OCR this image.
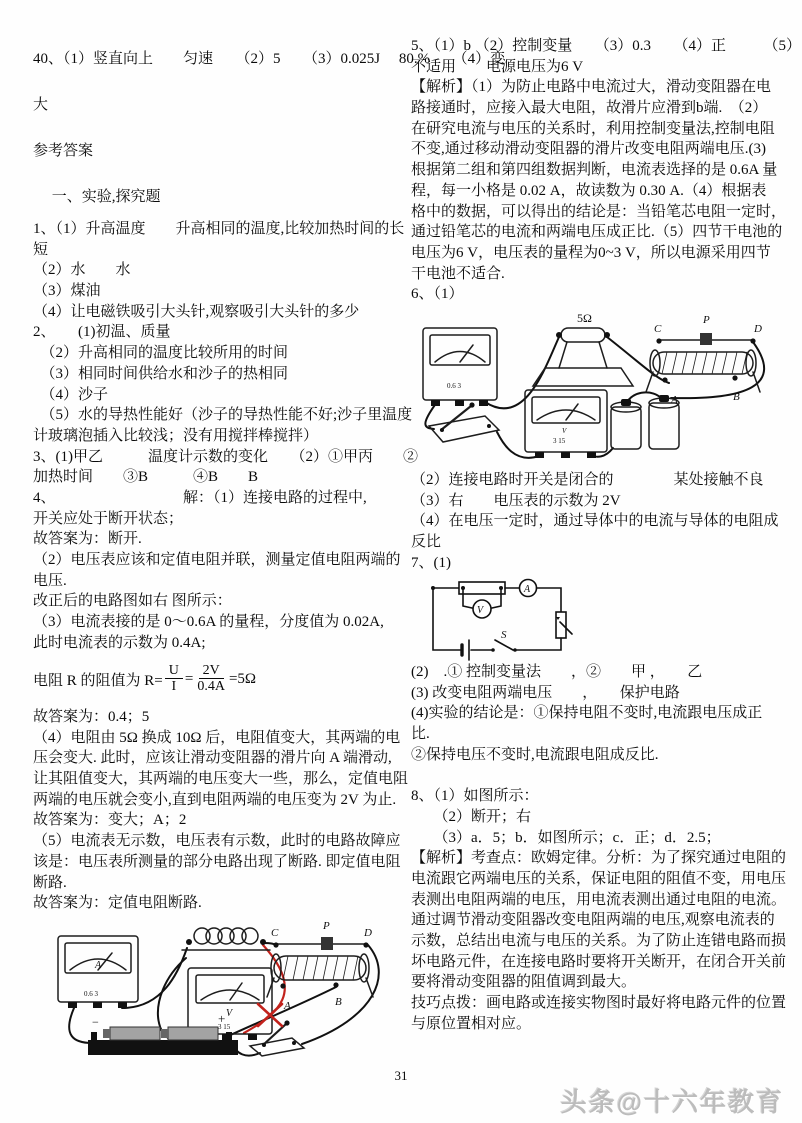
40、（1）竖直向上　　匀速　　（2）5　　（3）0.025J　 80.%　　（4）变
大
参考答案
　 一、实验,探究题
1、（1）升高温度　　升高相同的温度,比较加热时间的长
短
（2）水　　水
（3）煤油
（4）让电磁铁吸引大头针,观察吸引大头针的多少
2、　　(1)初温、质量
　（2）升高相同的温度比较所用的时间
　（3）相同时间供给水和沙子的热相同
　（4）沙子
　（5）水的导热性能好（沙子的导热性能不好;沙子里温度
计玻璃泡插入比较浅；没有用搅拌棒搅拌）
3、(1)甲乙　　　温度计示数的变化　　（2）①甲丙　　②
加热时间　　③B　　　④B　　B
4、　　　　　　　　　解：（1）连接电路的过程中,
开关应处于断开状态；
故答案为：断开.
（2）电压表应该和定值电阻并联，测量定值电阻两端的
电压.
改正后的电路图如右 图所示：
（3）电流表接的是 0～0.6A 的量程，分度值为 0.02A,
此时电流表的示数为 0.4A;
电阻 R 的阻值为 $R= \frac{U}{I} = \frac{2V}{0.4A} =5\Omega$
故答案为：0.4；5
（4）电阻由 5Ω 换成 10Ω 后，电阻值变大，其两端的电
压会变大. 此时，应该让滑动变阻器的滑片向 A 端滑动,
让其阻值变大，其两端的电压变大一些，那么，定值电阻
两端的电压就会变小,直到电阻两端的电压变为 2V 为止.
故答案为：变大；A；2
（5）电流表无示数，电压表有示数，此时的电路故障应
该是：电压表所测量的部分电路出现了断路. 即定值电阻
断路.
故答案为：定值电阻断路.
A
0.6 3
V
3 15
C
P
D
A	B
−	+
5、（1）b （2）控制变量　　（3）0.3　　（4）正　　　（5）
不适用　　电源电压为6 V
【解析】（1）为防止电路中电流过大，滑动变阻器在电
路接通时，应接入最大电阻，故滑片应滑到b端.　（2）
在研究电流与电压的关系时，利用控制变量法,控制电阻
不变,通过移动滑动变阻器的滑片改变电阻两端电压.(3)
根据第二组和第四组数据判断，电流表选择的是 0.6A 量
程，每一小格是 0.02 A，故读数为 0.30 A.（4）根据表
格中的数据，可以得出的结论是：当铅笔芯电阻一定时，
通过铅笔芯的电流和两端电压成正比.（5）四节干电池的
电压为6 V，电压表的量程为0~3 V，所以电源采用四节
干电池不适合.
6、（1）
0.6 3
5Ω
C
P
D
A	B
V
3 15
（2）连接电路时开关是闭合的　　　　某处接触不良
（3）右　　电压表的示数为 2V
（4）在电压一定时，通过导体中的电流与导体的电阻成
反比
7、(1)
A
V
S
(2)　.① 控制变量法　　，②　　甲 ，　　乙
(3) 改变电阻两端电压　　，　　保护电路
(4)实验的结论是：①保持电阻不变时,电流跟电压成正
比.
②保持电压不变时,电流跟电阻成反比.
8、（1）如图所示：
　　（2）断开；右
　　（3）a．5；b．如图所示；c．正；d．2.5；
【解析】考查点：欧姆定律。分析：为了探究通过电阻的
电流跟它两端电压的关系，保证电阻的阻值不变，用电压
表测出电阻两端的电压，用电流表测出通过电阻的电流。
通过调节滑动变阻器改变电阻两端的电压,观察电流表的
示数，总结出电流与电压的关系。为了防止连错电路而损
坏电路元件，在连接电路时要将开关断开，在闭合开关前
要将滑动变阻器的阻值调到最大。
技巧点拨：画电路或连接实物图时最好将电路元件的位置
与原位置相对应。
31
头条@十六年教育
